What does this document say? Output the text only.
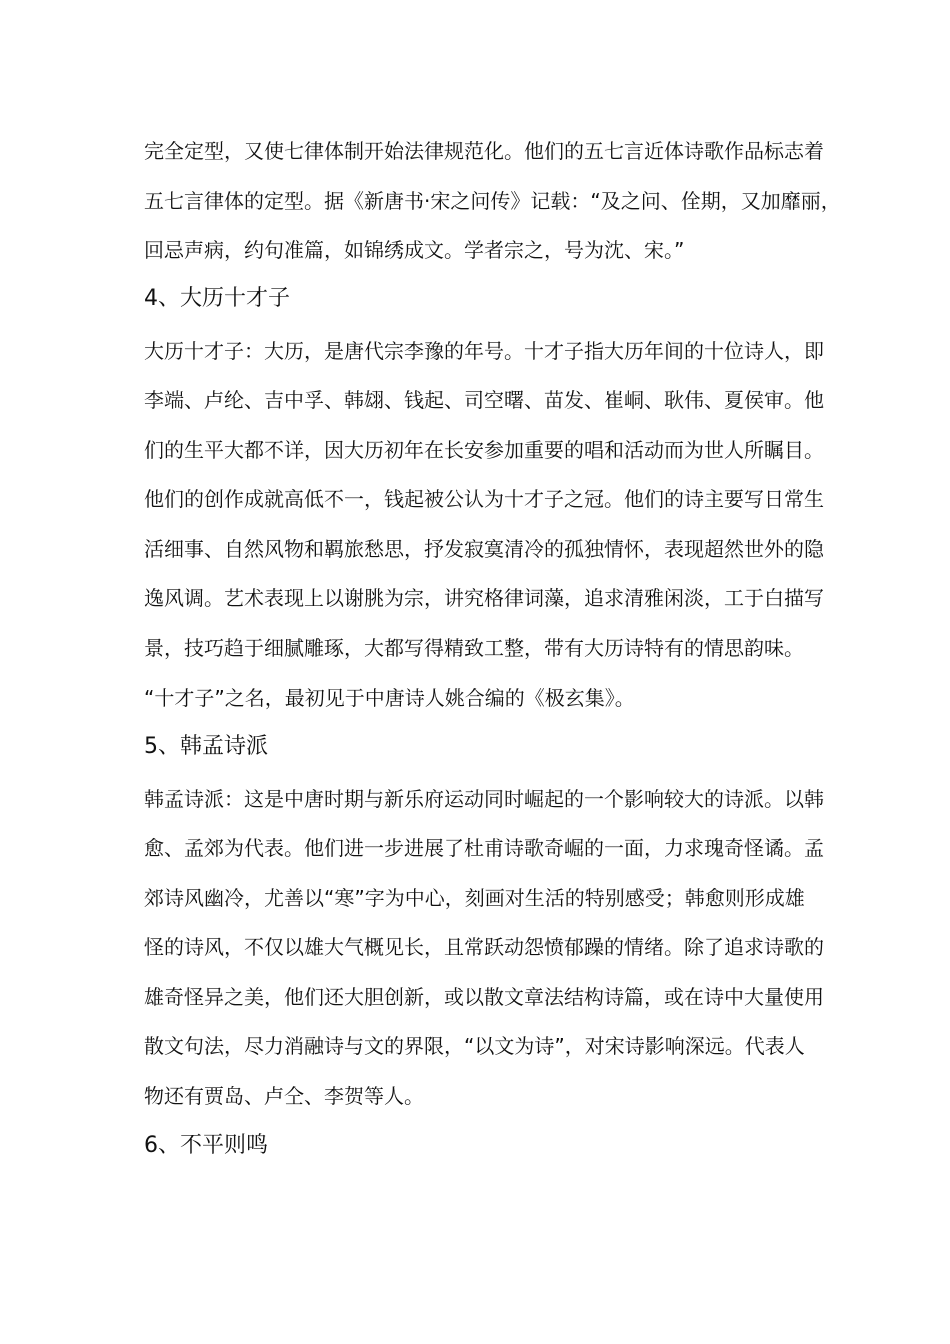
完全定型，又使七律体制开始法律规范化。他们的五七言近体诗歌作品标志着
五七言律体的定型。据《新唐书·宋之问传》记载：“及之问、佺期，又加靡丽，
回忌声病，约句准篇，如锦绣成文。学者宗之，号为沈、宋。”
4、大历十才子
大历十才子：大历，是唐代宗李豫的年号。十才子指大历年间的十位诗人，即
李端、卢纶、吉中孚、韩翃、钱起、司空曙、苗发、崔峒、耿伟、夏侯审。他
们的生平大都不详，因大历初年在长安参加重要的唱和活动而为世人所瞩目。
他们的创作成就高低不一，钱起被公认为十才子之冠。他们的诗主要写日常生
活细事、自然风物和羁旅愁思，抒发寂寞清冷的孤独情怀，表现超然世外的隐
逸风调。艺术表现上以谢朓为宗，讲究格律词藻，追求清雅闲淡，工于白描写
景，技巧趋于细腻雕琢，大都写得精致工整，带有大历诗特有的情思韵味。
“十才子”之名，最初见于中唐诗人姚合编的《极玄集》。
5、韩孟诗派
韩孟诗派：这是中唐时期与新乐府运动同时崛起的一个影响较大的诗派。以韩
愈、孟郊为代表。他们进一步进展了杜甫诗歌奇崛的一面，力求瑰奇怪谲。孟
郊诗风幽冷，尤善以“寒”字为中心，刻画对生活的特别感受；韩愈则形成雄
怪的诗风，不仅以雄大气概见长，且常跃动怨愤郁躁的情绪。除了追求诗歌的
雄奇怪异之美，他们还大胆创新，或以散文章法结构诗篇，或在诗中大量使用
散文句法，尽力消融诗与文的界限，“以文为诗”，对宋诗影响深远。代表人
物还有贾岛、卢仝、李贺等人。
6、不平则鸣
